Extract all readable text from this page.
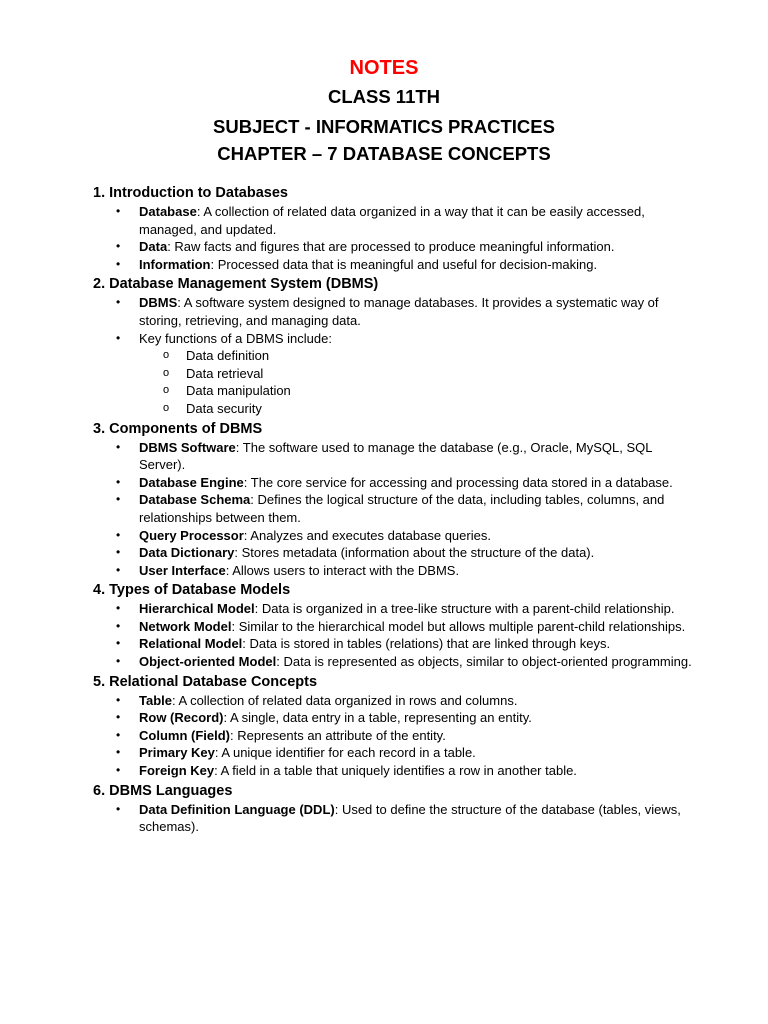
NOTES
CLASS 11TH
SUBJECT - INFORMATICS PRACTICES
CHAPTER – 7 DATABASE CONCEPTS
1. Introduction to Databases
• Database: A collection of related data organized in a way that it can be easily accessed, managed, and updated.
• Data: Raw facts and figures that are processed to produce meaningful information.
• Information: Processed data that is meaningful and useful for decision-making.
2. Database Management System (DBMS)
• DBMS: A software system designed to manage databases. It provides a systematic way of storing, retrieving, and managing data.
• Key functions of a DBMS include:
o Data definition
o Data retrieval
o Data manipulation
o Data security
3. Components of DBMS
• DBMS Software: The software used to manage the database (e.g., Oracle, MySQL, SQL Server).
• Database Engine: The core service for accessing and processing data stored in a database.
• Database Schema: Defines the logical structure of the data, including tables, columns, and relationships between them.
• Query Processor: Analyzes and executes database queries.
• Data Dictionary: Stores metadata (information about the structure of the data).
• User Interface: Allows users to interact with the DBMS.
4. Types of Database Models
• Hierarchical Model: Data is organized in a tree-like structure with a parent-child relationship.
• Network Model: Similar to the hierarchical model but allows multiple parent-child relationships.
• Relational Model: Data is stored in tables (relations) that are linked through keys.
• Object-oriented Model: Data is represented as objects, similar to object-oriented programming.
5. Relational Database Concepts
• Table: A collection of related data organized in rows and columns.
• Row (Record): A single, data entry in a table, representing an entity.
• Column (Field): Represents an attribute of the entity.
• Primary Key: A unique identifier for each record in a table.
• Foreign Key: A field in a table that uniquely identifies a row in another table.
6. DBMS Languages
• Data Definition Language (DDL): Used to define the structure of the database (tables, views, schemas).
